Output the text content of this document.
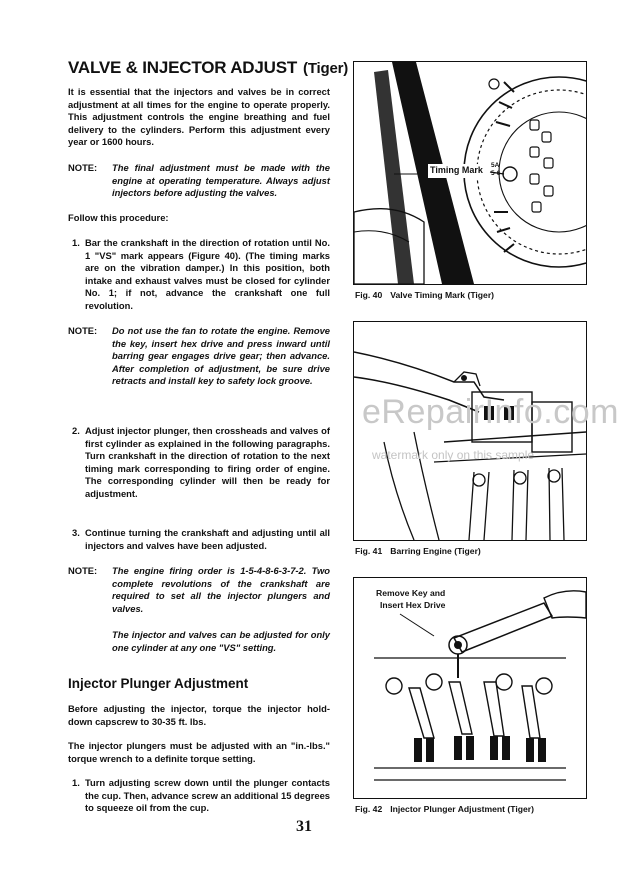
VALVE & INJECTOR ADJUST (Tiger)
It is essential that the injectors and valves be in correct adjustment at all times for the engine to operate properly. This adjustment controls the engine breathing and fuel delivery to the cylinders. Perform this adjustment every year or 1600 hours.
NOTE: The final adjustment must be made with the engine at operating temperature. Always adjust injectors before adjusting the valves.
Follow this procedure:
1. Bar the crankshaft in the direction of rotation until No. 1 "VS" mark appears (Figure 40). (The timing marks are on the vibration damper.) In this position, both intake and exhaust valves must be closed for cylinder No. 1; if not, advance the crankshaft one full revolution.
NOTE: Do not use the fan to rotate the engine. Remove the key, insert hex drive and press inward until barring gear engages drive gear; then advance. After completion of adjustment, be sure drive retracts and install key to safety lock groove.
2. Adjust injector plunger, then crossheads and valves of first cylinder as explained in the following paragraphs. Turn crankshaft in the direction of rotation to the next timing mark corresponding to firing order of engine. The corresponding cylinder will then be ready for adjustment.
3. Continue turning the crankshaft and adjusting until all injectors and valves have been adjusted.
NOTE: The engine firing order is 1-5-4-8-6-3-7-2. Two complete revolutions of the crankshaft are required to set all the injector plungers and valves.
The injector and valves can be adjusted for only one cylinder at any one "VS" setting.
Injector Plunger Adjustment
Before adjusting the injector, torque the injector hold-down capscrew to 30-35 ft. lbs.
The injector plungers must be adjusted with an "in.-lbs." torque wrench to a definite torque setting.
1. Turn adjusting screw down until the plunger contacts the cup. Then, advance screw an additional 15 degrees to squeeze oil from the cup.
Timing Mark 5A
5-6
Fig. 40 Valve Timing Mark (Tiger)
Fig. 41 Barring Engine (Tiger)
Remove Key and
Insert Hex Drive
Fig. 42 Injector Plunger Adjustment (Tiger)
eRepairInfo.com
watermark only on this sample
31
